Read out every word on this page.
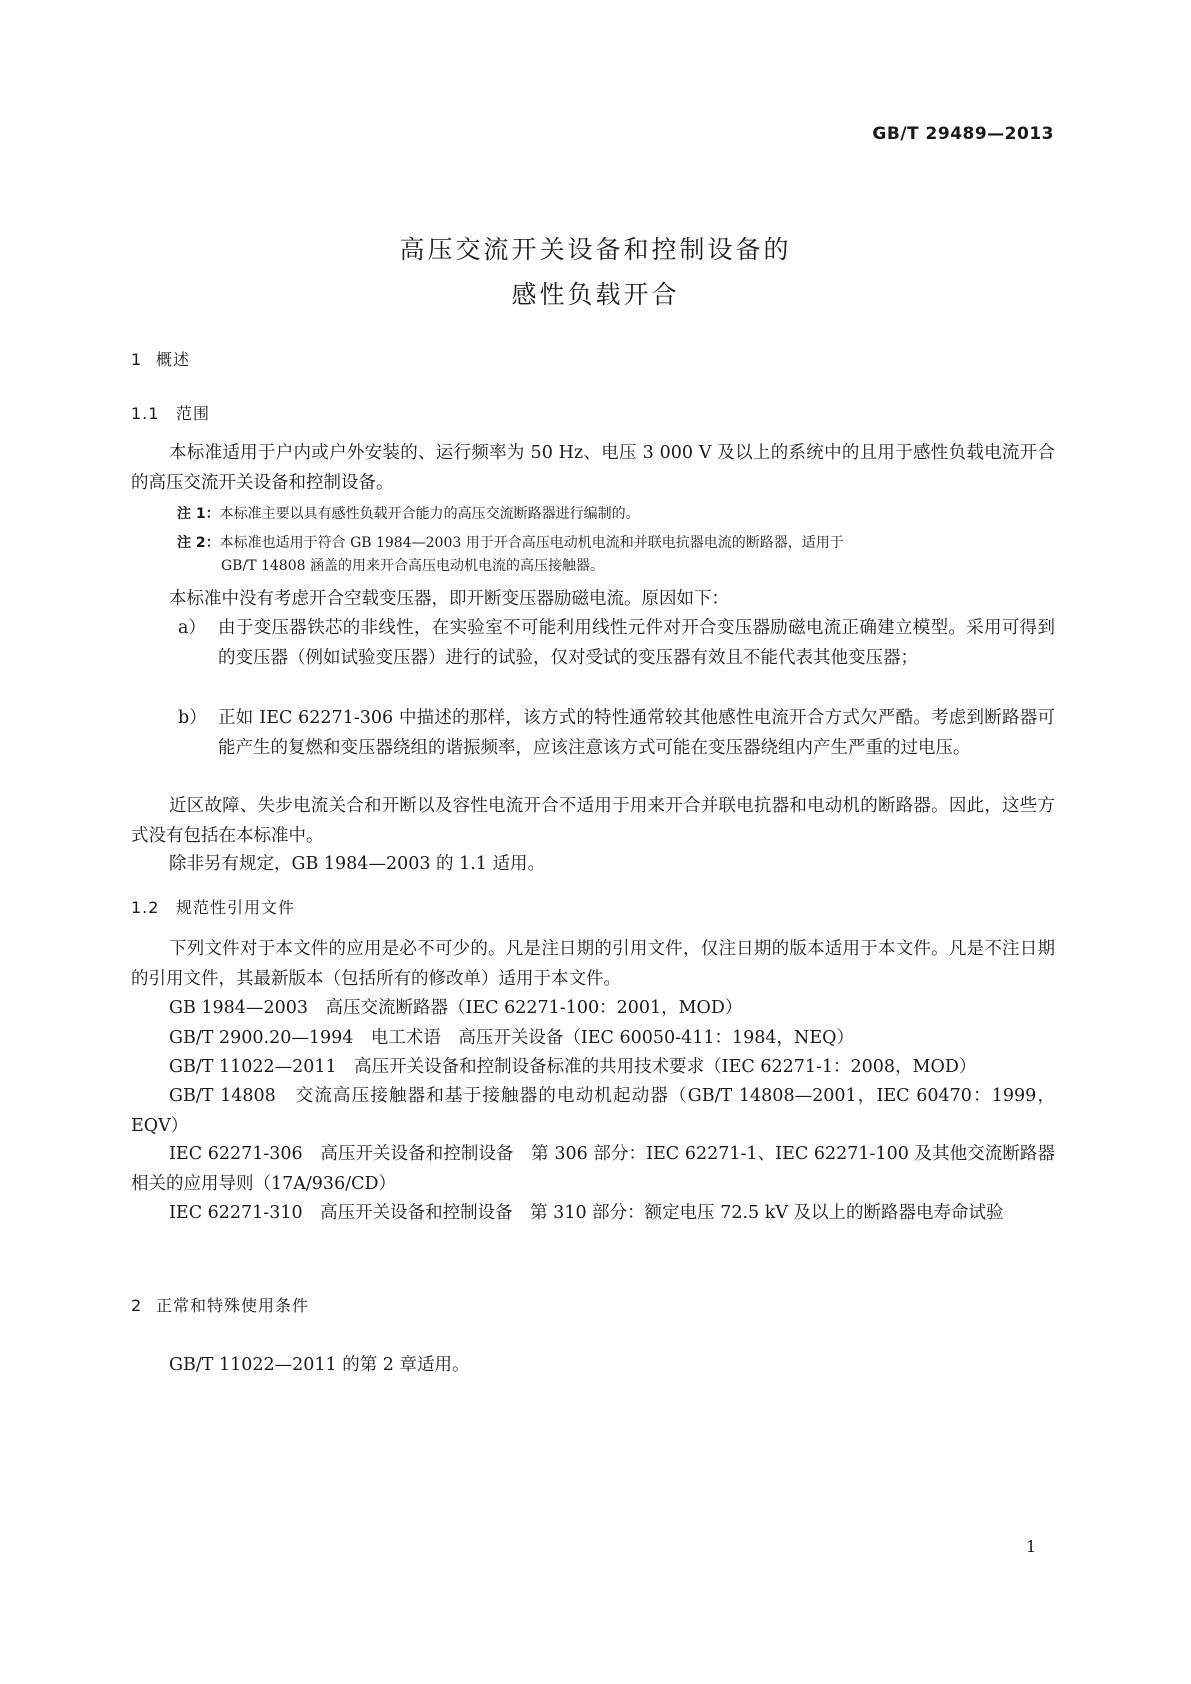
GB/T 29489—2013
高压交流开关设备和控制设备的
感性负载开合
1 概述
1.1 范围
本标准适用于户内或户外安装的、运行频率为 50 Hz、电压 3 000 V 及以上的系统中的且用于感性负载电流开合的高压交流开关设备和控制设备。
注 1：本标准主要以具有感性负载开合能力的高压交流断路器进行编制的。
注 2：本标准也适用于符合 GB 1984—2003 用于开合高压电动机电流和并联电抗器电流的断路器，适用于
GB/T 14808 涵盖的用来开合高压电动机电流的高压接触器。
本标准中没有考虑开合空载变压器，即开断变压器励磁电流。原因如下：
a） 由于变压器铁芯的非线性，在实验室不可能利用线性元件对开合变压器励磁电流正确建立模型。采用可得到的变压器（例如试验变压器）进行的试验，仅对受试的变压器有效且不能代表其他变压器；
b） 正如 IEC 62271-306 中描述的那样，该方式的特性通常较其他感性电流开合方式欠严酷。考虑到断路器可能产生的复燃和变压器绕组的谐振频率，应该注意该方式可能在变压器绕组内产生严重的过电压。
近区故障、失步电流关合和开断以及容性电流开合不适用于用来开合并联电抗器和电动机的断路器。因此，这些方式没有包括在本标准中。
除非另有规定，GB 1984—2003 的 1.1 适用。
1.2 规范性引用文件
下列文件对于本文件的应用是必不可少的。凡是注日期的引用文件，仅注日期的版本适用于本文件。凡是不注日期的引用文件，其最新版本（包括所有的修改单）适用于本文件。
GB 1984—2003　高压交流断路器（IEC 62271-100：2001，MOD）
GB/T 2900.20—1994　电工术语　高压开关设备（IEC 60050-411：1984，NEQ）
GB/T 11022—2011　高压开关设备和控制设备标准的共用技术要求（IEC 62271-1：2008，MOD）
GB/T 14808　交流高压接触器和基于接触器的电动机起动器（GB/T 14808—2001，IEC 60470：1999，EQV）
IEC 62271-306　高压开关设备和控制设备　第 306 部分：IEC 62271-1、IEC 62271-100 及其他交流断路器相关的应用导则（17A/936/CD）
IEC 62271-310　高压开关设备和控制设备　第 310 部分：额定电压 72.5 kV 及以上的断路器电寿命试验
2 正常和特殊使用条件
GB/T 11022—2011 的第 2 章适用。
1
